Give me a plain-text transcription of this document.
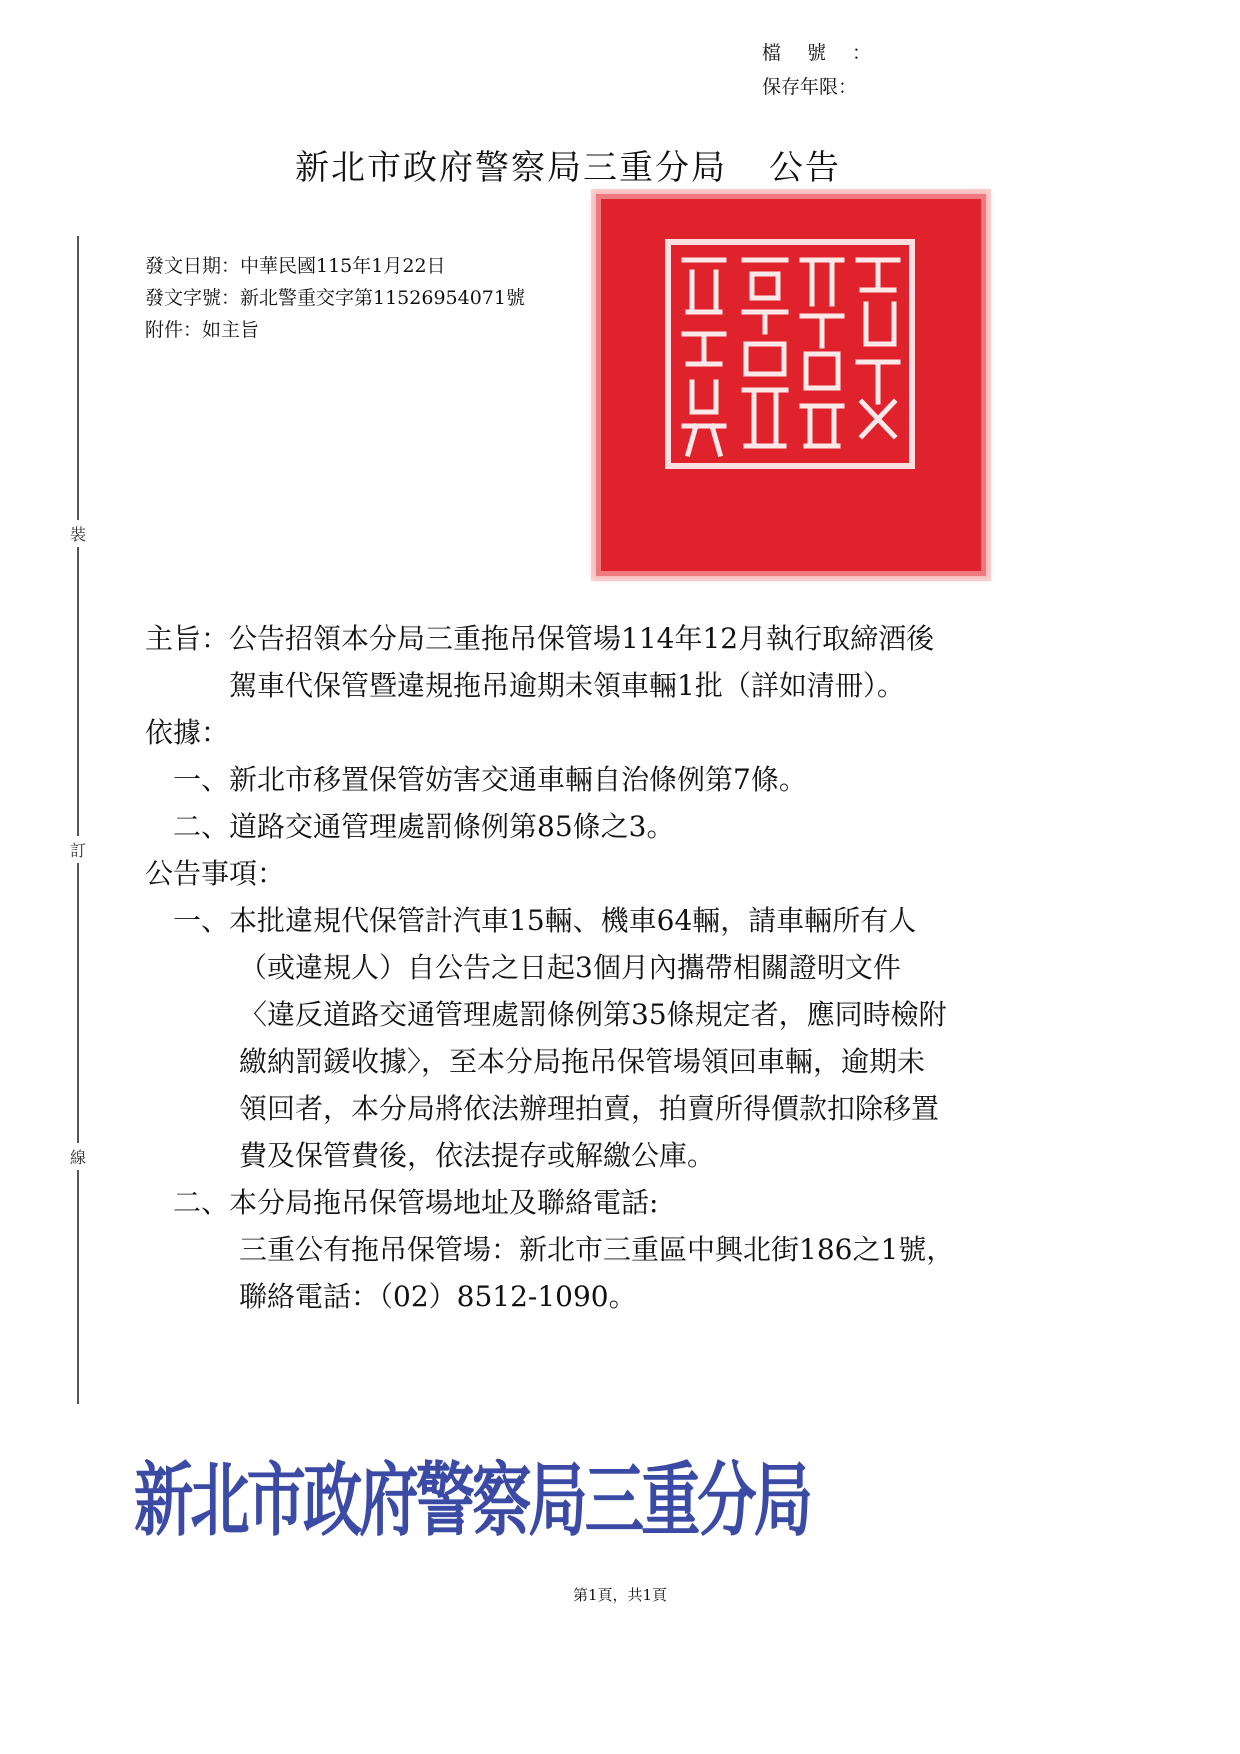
檔號：
保存年限：
新北市政府警察局三重分局 公告
裝
訂
線
發文日期：中華民國115年1月22日
發文字號：新北警重交字第11526954071號
附件：如主旨
主旨：公告招領本分局三重拖吊保管場114年12月執行取締酒後
駕車代保管暨違規拖吊逾期未領車輛1批（詳如清冊）。
依據：
一、新北市移置保管妨害交通車輛自治條例第7條。
二、道路交通管理處罰條例第85條之3。
公告事項：
一、本批違規代保管計汽車15輛、機車64輛，請車輛所有人
（或違規人）自公告之日起3個月內攜帶相關證明文件
〈違反道路交通管理處罰條例第35條規定者，應同時檢附
繳納罰鍰收據〉，至本分局拖吊保管場領回車輛，逾期未
領回者，本分局將依法辦理拍賣，拍賣所得價款扣除移置
費及保管費後，依法提存或解繳公庫。
二、本分局拖吊保管場地址及聯絡電話:
三重公有拖吊保管場：新北市三重區中興北街186之1號，
聯絡電話：（02）8512-1090。
新北市政府警察局三重分局
第1頁，共1頁
